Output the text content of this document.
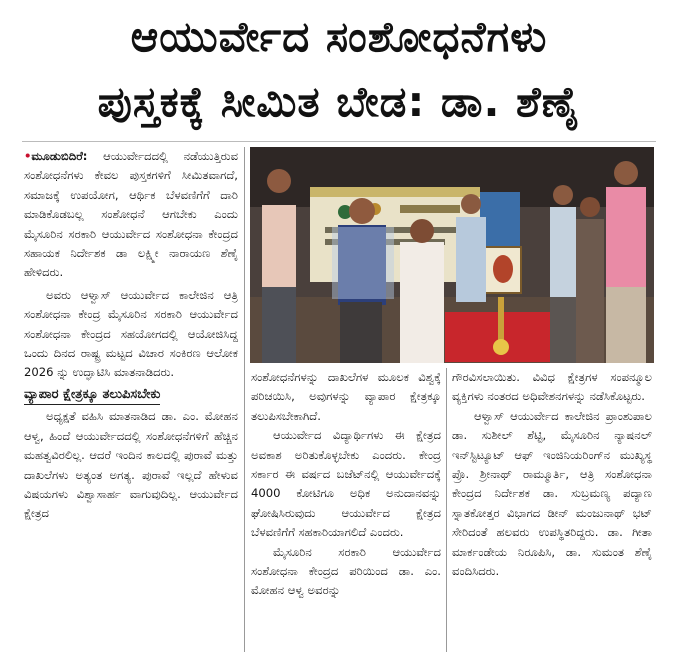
ಆಯುರ್ವೇದ ಸಂಶೋಧನೆಗಳು
ಪುಸ್ತಕಕ್ಕೆ ಸೀಮಿತ ಬೇಡ: ಡಾ. ಶೆಣೈ

•ಮೂಡುಬಿದಿರೆ: ಆಯುರ್ವೇದದಲ್ಲಿ ನಡೆಯುತ್ತಿರುವ ಸಂಶೋಧನೆಗಳು ಕೇವಲ ಪುಸ್ತಕಗಳಿಗೆ ಸೀಮಿತವಾಗದೆ, ಸಮಾಜಕ್ಕೆ ಉಪಯೋಗ, ಆರ್ಥಿಕ ಬೆಳವಣಿಗೆಗೆ ದಾರಿ ಮಾಡಿಕೊಡಬಲ್ಲ ಸಂಶೋಧನೆ ಆಗಬೇಕು ಎಂದು ಮೈಸೂರಿನ ಸರಕಾರಿ ಆಯುರ್ವೇದ ಸಂಶೋಧನಾ ಕೇಂದ್ರದ ಸಹಾಯಕ ನಿರ್ದೇಶಕ ಡಾ ಲಕ್ಷ್ಮೀ ನಾರಾಯಣ ಶೆಣೈ ಹೇಳಿದರು.

ಅವರು ಆಳ್ವಾಸ್ ಆಯುರ್ವೇದ ಕಾಲೇಜಿನ ಆತ್ರಿ ಸಂಶೋಧನಾ ಕೇಂದ್ರ ಮೈಸೂರಿನ ಸರಕಾರಿ ಆಯುರ್ವೇದ ಸಂಶೋಧನಾ ಕೇಂದ್ರದ ಸಹಯೋಗದಲ್ಲಿ ಆಯೋಜಿಸಿದ್ದ ಒಂದು ದಿನದ ರಾಷ್ಟ್ರ ಮಟ್ಟದ ವಿಚಾರ ಸಂಕಿರಣ ಆಲೋಕ 2026 ನ್ನು ಉದ್ಘಾಟಿಸಿ ಮಾತನಾಡಿದರು.

ವ್ಯಾಪಾರ ಕ್ಷೇತ್ರಕ್ಕೂ ತಲುಪಿಸಬೇಕು

ಅಧ್ಯಕ್ಷತೆ ವಹಿಸಿ ಮಾತನಾಡಿದ ಡಾ. ಎಂ. ಮೋಹನ ಆಳ್ವ, ಹಿಂದೆ ಆಯುರ್ವೇದದಲ್ಲಿ ಸಂಶೋಧನೆಗಳಿಗೆ ಹೆಚ್ಚಿನ ಮಹತ್ವವಿರಲಿಲ್ಲ. ಆದರೆ ಇಂದಿನ ಕಾಲದಲ್ಲಿ ಪುರಾವೆ ಮತ್ತು ದಾಖಲೆಗಳು ಅತ್ಯಂತ ಅಗತ್ಯ. ಪುರಾವೆ ಇಲ್ಲದೆ ಹೇಳುವ ವಿಷಯಗಳು ವಿಶ್ವಾಸಾರ್ಹ ವಾಗುವುದಿಲ್ಲ. ಆಯುರ್ವೇದ ಕ್ಷೇತ್ರದ

ಸಂಶೋಧನೆಗಳನ್ನು ದಾಖಲೆಗಳ ಮೂಲಕ ವಿಶ್ವಕ್ಕೆ ಪರಿಚಯಿಸಿ, ಅವುಗಳನ್ನು ವ್ಯಾಪಾರ ಕ್ಷೇತ್ರಕ್ಕೂ ತಲುಪಿಸಬೇಕಾಗಿದೆ.

ಆಯುರ್ವೇದ ವಿದ್ಯಾರ್ಥಿಗಳು ಈ ಕ್ಷೇತ್ರದ ಅವಕಾಶ ಅರಿತುಕೊಳ್ಳಬೇಕು ಎಂದರು. ಕೇಂದ್ರ ಸರ್ಕಾರ ಈ ವರ್ಷದ ಬಜೆಟ್‌ನಲ್ಲಿ ಆಯುರ್ವೇದಕ್ಕೆ 4000 ಕೋಟಿಗೂ ಅಧಿಕ ಅನುದಾನವನ್ನು ಘೋಷಿಸಿರುವುದು ಆಯುರ್ವೇದ ಕ್ಷೇತ್ರದ ಬೆಳವಣಿಗೆಗೆ ಸಹಕಾರಿಯಾಗಲಿದೆ ಎಂದರು.

ಮೈಸೂರಿನ ಸರಕಾರಿ ಆಯುರ್ವೇದ ಸಂಶೋಧನಾ ಕೇಂದ್ರದ ಪರಿಯಿಂದ ಡಾ. ಎಂ. ಮೋಹನ ಆಳ್ವ ಅವರನ್ನು

ಗೌರವಿಸಲಾಯಿತು. ವಿವಿಧ ಕ್ಷೇತ್ರಗಳ ಸಂಪನ್ಮೂಲ ವ್ಯಕ್ತಿಗಳು ನಂತರದ ಅಧಿವೇಶನಗಳನ್ನು ನಡೆಸಿಕೊಟ್ಟರು.

ಆಳ್ವಾಸ್ ಆಯುರ್ವೇದ ಕಾಲೇಜಿನ ಪ್ರಾಂಶುಪಾಲ ಡಾ. ಸುಶೀಲ್ ಶೆಟ್ಟಿ, ಮೈಸೂರಿನ ನ್ಯಾಷನಲ್ ಇನ್‌ಸ್ಟಿಟ್ಯೂಟ್ ಆಫ್ ಇಂಜಿನಿಯರಿಂಗ್‌ನ ಮುಖ್ಯಸ್ಥ ಪ್ರೊ. ಶ್ರೀನಾಥ್ ರಾಮ್ಮೂರ್ತಿ, ಆತ್ರಿ ಸಂಶೋಧನಾ ಕೇಂದ್ರದ ನಿರ್ದೇಶಕ ಡಾ. ಸುಬ್ರಮಣ್ಯ ಪದ್ಯಾಣ ಸ್ನಾತಕೋತ್ತರ ವಿಭಾಗದ ಡೀನ್ ಮಂಜುನಾಥ್ ಭಟ್ ಸೇರಿದಂತೆ ಹಲವರು ಉಪಸ್ಥಿತರಿದ್ದರು. ಡಾ. ಗೀತಾ ಮಾರ್ಕಂಡೇಯ ನಿರೂಪಿಸಿ, ಡಾ. ಸುಮಂತ ಶೆಣೈ ವಂದಿಸಿದರು.
